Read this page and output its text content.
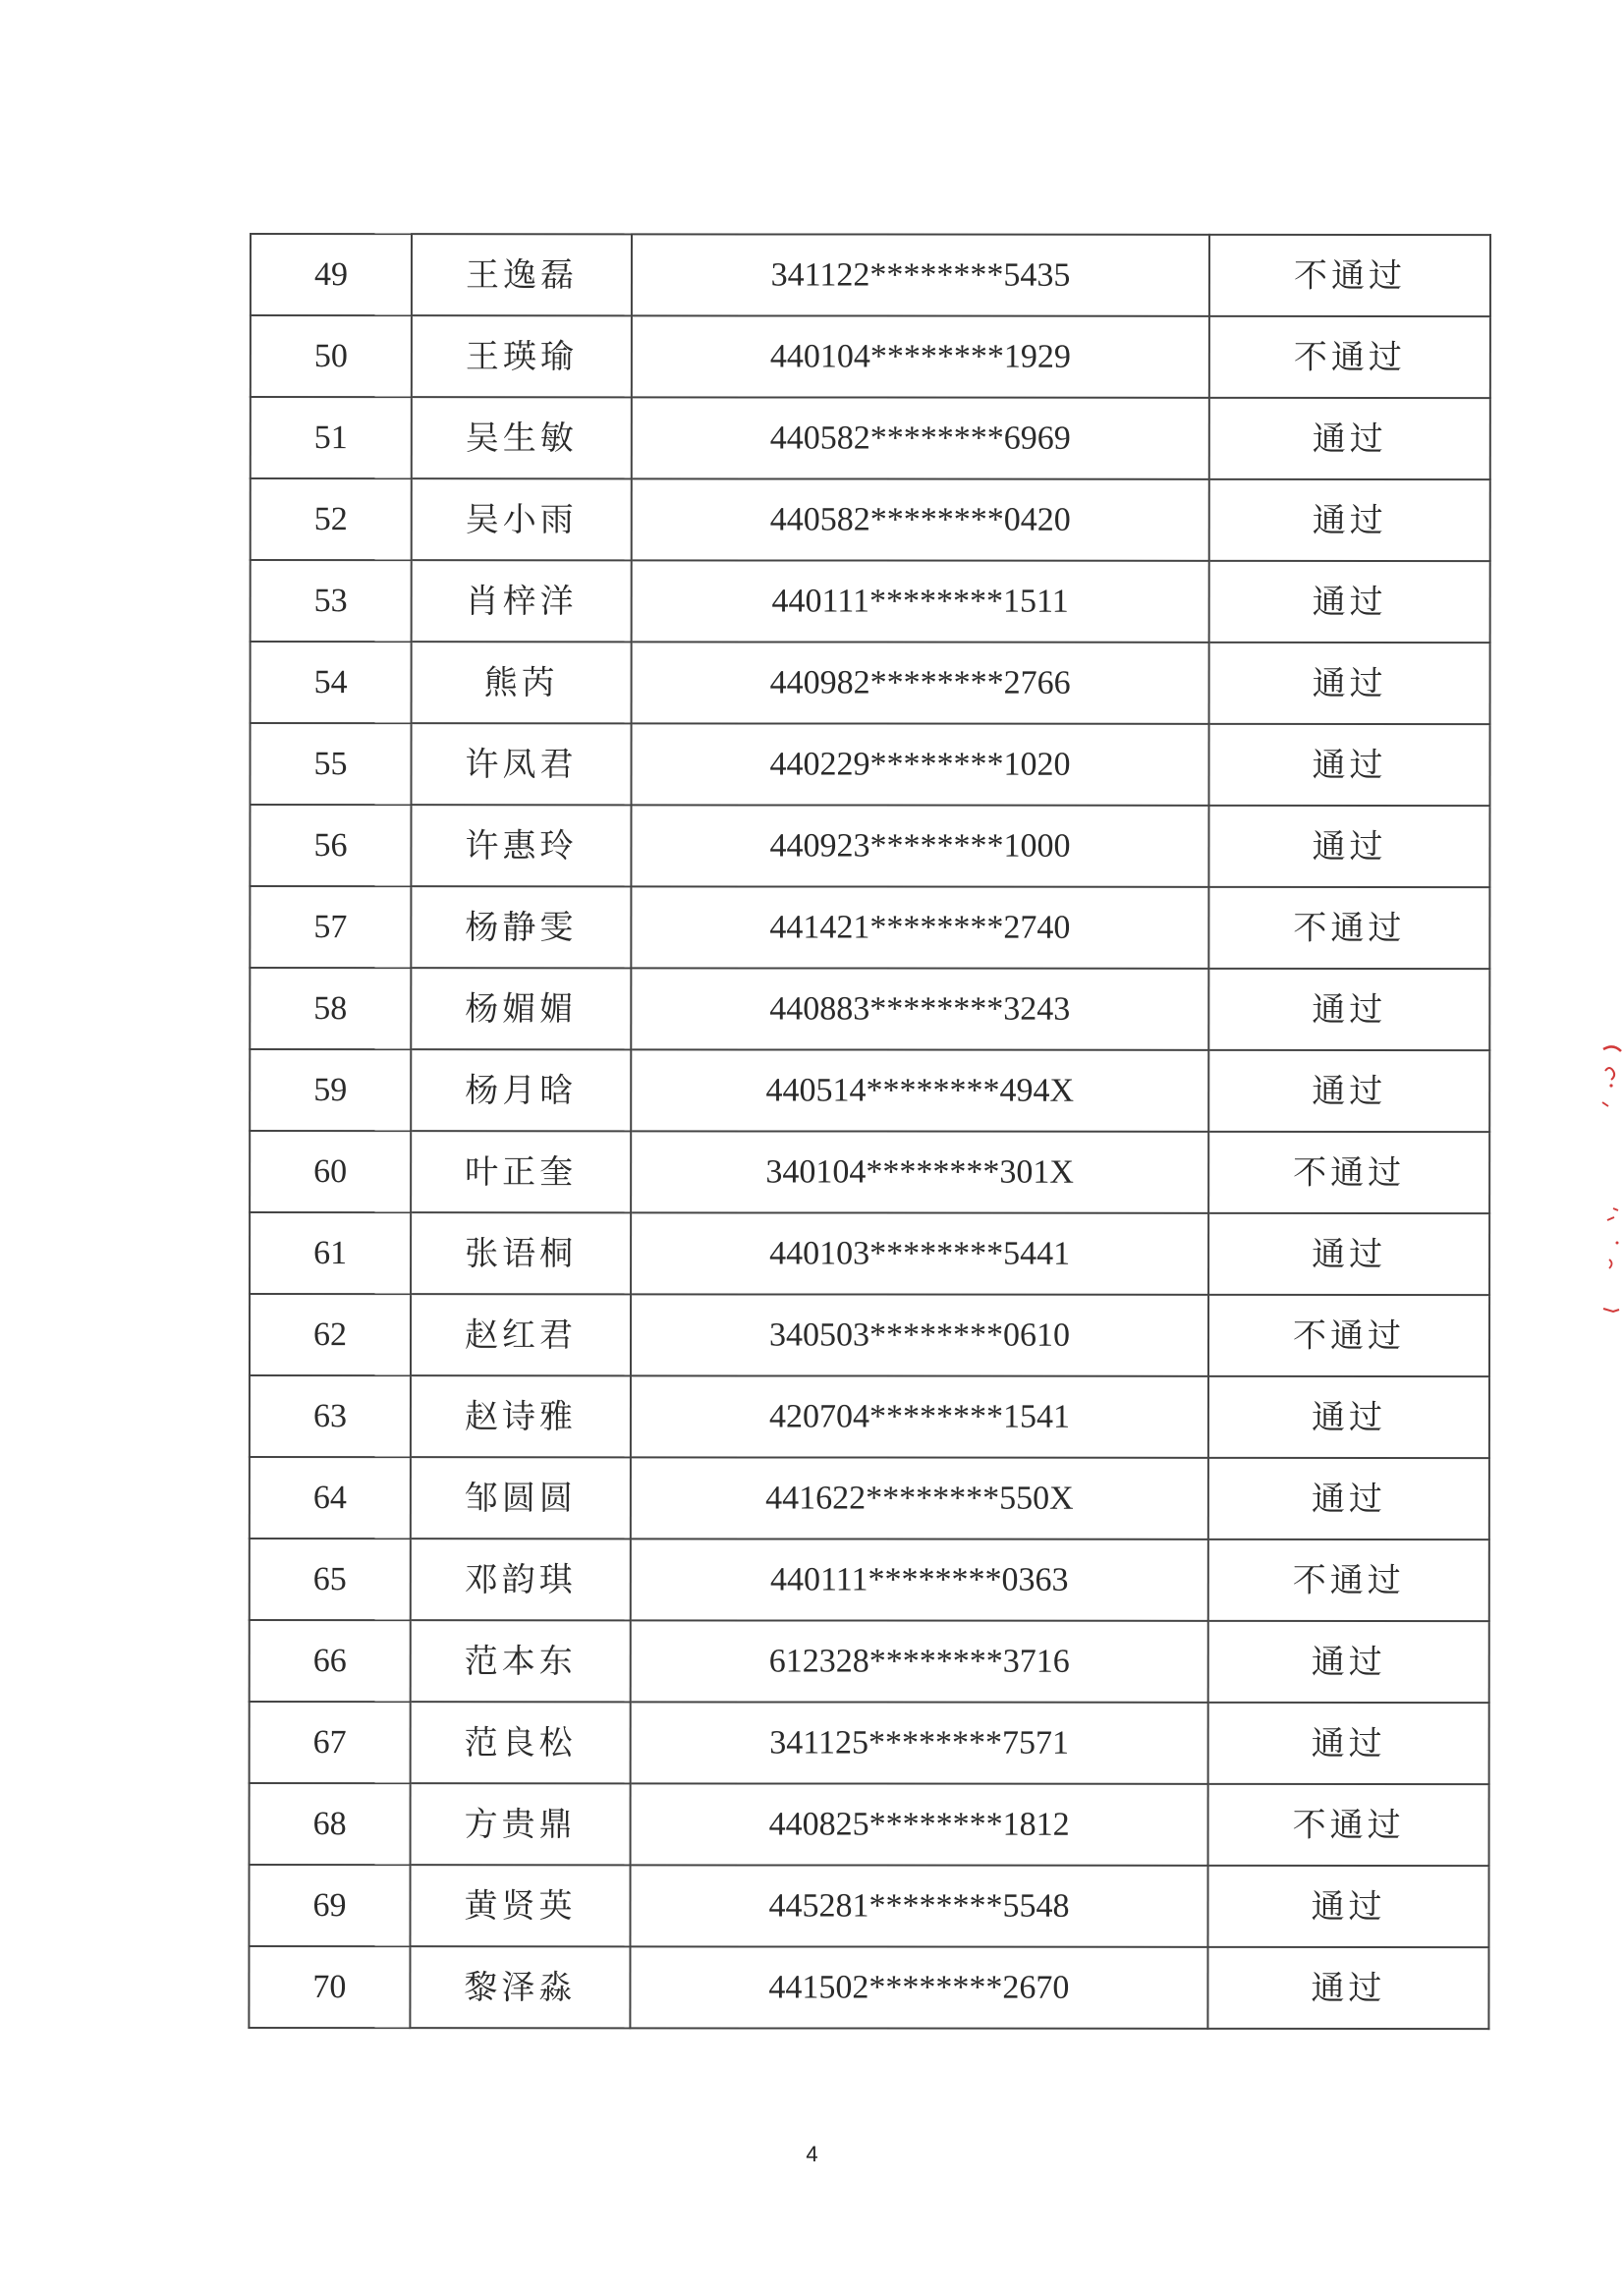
49	王逸磊	341122********5435	不通过
50	王瑛瑜	440104********1929	不通过
51	吴生敏	440582********6969	通过
52	吴小雨	440582********0420	通过
53	肖梓洋	440111********1511	通过
54	熊芮	440982********2766	通过
55	许凤君	440229********1020	通过
56	许惠玲	440923********1000	通过
57	杨静雯	441421********2740	不通过
58	杨媚媚	440883********3243	通过
59	杨月晗	440514********494X	通过
60	叶正奎	340104********301X	不通过
61	张语桐	440103********5441	通过
62	赵红君	340503********0610	不通过
63	赵诗雅	420704********1541	通过
64	邹圆圆	441622********550X	通过
65	邓韵琪	440111********0363	不通过
66	范本东	612328********3716	通过
67	范良松	341125********7571	通过
68	方贵鼎	440825********1812	不通过
69	黄贤英	445281********5548	通过
70	黎泽淼	441502********2670	通过
4
